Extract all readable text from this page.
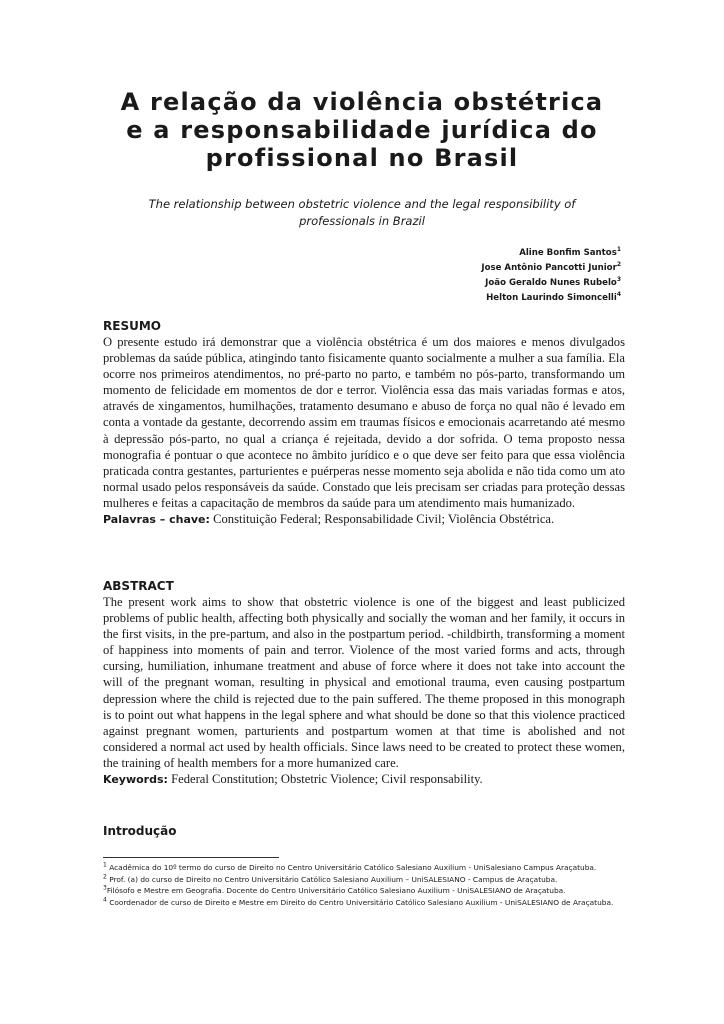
A relação da violência obstétrica e a responsabilidade jurídica do profissional no Brasil

The relationship between obstetric violence and the legal responsibility of professionals in Brazil

Aline Bonfim Santos$^1$
Jose Antônio Pancotti Junior$^2$
João Geraldo Nunes Rubelo$^3$
Helton Laurindo Simoncelli$^4$
RESUMO

O presente estudo irá demonstrar que a violência obstétrica é um dos maiores e menos divulgados problemas da saúde pública, atingindo tanto fisicamente quanto socialmente a mulher a sua família. Ela ocorre nos primeiros atendimentos, no pré-parto no parto, e também no pós-parto, transformando um momento de felicidade em momentos de dor e terror. Violência essa das mais variadas formas e atos, através de xingamentos, humilhações, tratamento desumano e abuso de força no qual não é levado em conta a vontade da gestante, decorrendo assim em traumas físicos e emocionais acarretando até mesmo à depressão pós-parto, no qual a criança é rejeitada, devido a dor sofrida. O tema proposto nessa monografia é pontuar o que acontece no âmbito jurídico e o que deve ser feito para que essa violência praticada contra gestantes, parturientes e puérperas nesse momento seja abolida e não tida como um ato normal usado pelos responsáveis da saúde. Constado que leis precisam ser criadas para proteção dessas mulheres e feitas a capacitação de membros da saúde para um atendimento mais humanizado.

Palavras – chave: Constituição Federal; Responsabilidade Civil; Violência Obstétrica.

ABSTRACT

The present work aims to show that obstetric violence is one of the biggest and least publicized problems of public health, affecting both physically and socially the woman and her family, it occurs in the first visits, in the pre-partum, and also in the postpartum period. -childbirth, transforming a moment of happiness into moments of pain and terror. Violence of the most varied forms and acts, through cursing, humiliation, inhumane treatment and abuse of force where it does not take into account the will of the pregnant woman, resulting in physical and emotional trauma, even causing postpartum depression where the child is rejected due to the pain suffered. The theme proposed in this monograph is to point out what happens in the legal sphere and what should be done so that this violence practiced against pregnant women, parturients and postpartum women at that time is abolished and not considered a normal act used by health officials. Since laws need to be created to protect these women, the training of health members for a more humanized care.

Keywords: Federal Constitution; Obstetric Violence; Civil responsability.

Introdução

$^1$ Acadêmica do 10º termo do curso de Direito no Centro Universitário Católico Salesiano Auxilium - UniSalesiano Campus Araçatuba.

$^2$ Prof. (a) do curso de Direito no Centro Universitário Católico Salesiano Auxilium – UniSALESIANO - Campus de Araçatuba.

$^3$Filósofo e Mestre em Geografia. Docente do Centro Universitário Católico Salesiano Auxilium - UniSALESIANO de Araçatuba.

$^4$ Coordenador de curso de Direito e Mestre em Direito do Centro Universitário Católico Salesiano Auxilium - UniSALESIANO de Araçatuba.
